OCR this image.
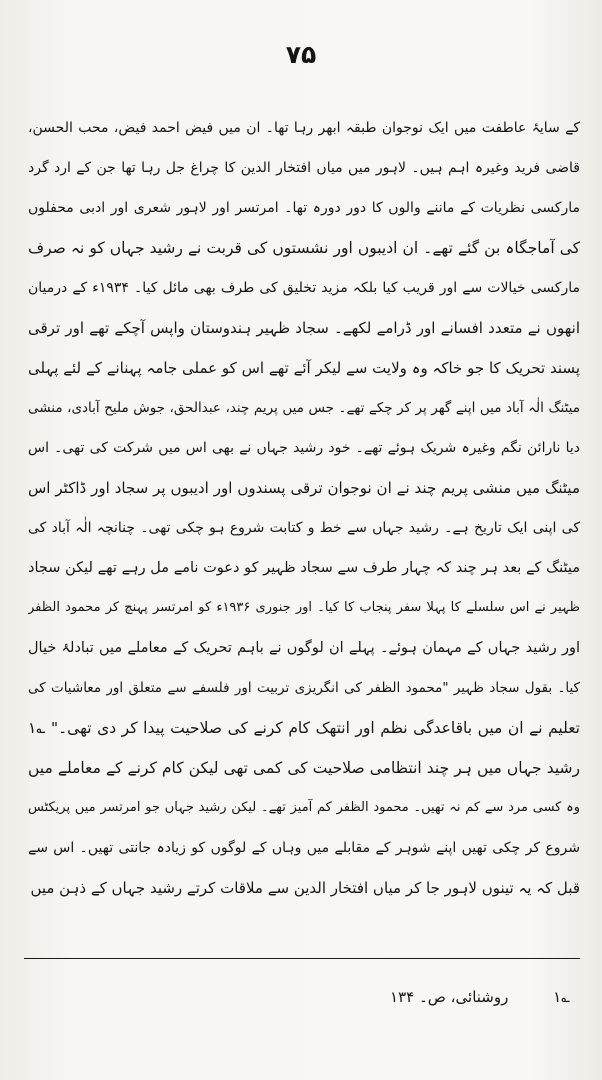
۷۵
کے سایۂ عاطفت میں ایک نوجوان طبقہ ابھر رہا تھا۔ ان میں فیض احمد فیض، محب الحسن،
قاضی فرید وغیرہ اہم ہیں۔ لاہور میں میاں افتخار الدین کا چراغ جل رہا تھا جن کے ارد گرد
مارکسی نظریات کے ماننے والوں کا دور دورہ تھا۔ امرتسر اور لاہور شعری اور ادبی محفلوں
کی آماجگاہ بن گئے تھے۔ ان ادیبوں اور نشستوں کی قربت نے رشید جہاں کو نہ صرف
مارکسی خیالات سے اور قریب کیا بلکہ مزید تخلیق کی طرف بھی مائل کیا۔ ۱۹۳۴ء کے درمیان
انھوں نے متعدد افسانے اور ڈرامے لکھے۔ سجاد ظہیر ہندوستان واپس آچکے تھے اور ترقی
پسند تحریک کا جو خاکہ وہ ولایت سے لیکر آئے تھے اس کو عملی جامہ پہنانے کے لئے پہلی
میٹنگ الٰہ آباد میں اپنے گھر پر کر چکے تھے۔ جس میں پریم چند، عبدالحق، جوش ملیح آبادی، منشی
دیا نارائن نگم وغیرہ شریک ہوئے تھے۔ خود رشید جہاں نے بھی اس میں شرکت کی تھی۔ اس
میٹنگ میں منشی پریم چند نے ان نوجوان ترقی پسندوں اور ادیبوں پر سجاد اور ڈاکٹر اس
کی اپنی ایک تاریخ ہے۔ رشید جہاں سے خط و کتابت شروع ہو چکی تھی۔ چنانچہ الٰہ آباد کی
میٹنگ کے بعد ہر چند کہ چہار طرف سے سجاد ظہیر کو دعوت نامے مل رہے تھے لیکن سجاد
ظہیر نے اس سلسلے کا پہلا سفر پنجاب کا کیا۔ اور جنوری ۱۹۳۶ء کو امرتسر پہنچ کر محمود الظفر
اور رشید جہاں کے مہمان ہوئے۔ پہلے ان لوگوں نے باہم تحریک کے معاملے میں تبادلۂ خیال
کیا۔ بقول سجاد ظہیر "محمود الظفر کی انگریزی تربیت اور فلسفے سے متعلق اور معاشیات کی
تعلیم نے ان میں باقاعدگی نظم اور انتھک کام کرنے کی صلاحیت پیدا کر دی تھی۔" ؎۱
رشید جہاں میں ہر چند انتظامی صلاحیت کی کمی تھی لیکن کام کرنے کے معاملے میں
وہ کسی مرد سے کم نہ تھیں۔ محمود الظفر کم آمیز تھے۔ لیکن رشید جہاں جو امرتسر میں پریکٹس
شروع کر چکی تھیں اپنے شوہر کے مقابلے میں وہاں کے لوگوں کو زیادہ جانتی تھیں۔ اس سے
قبل کہ یہ تینوں لاہور جا کر میاں افتخار الدین سے ملاقات کرتے رشید جہاں کے ذہن میں
؎۱ روشنائی، ص۔ ۱۳۴
